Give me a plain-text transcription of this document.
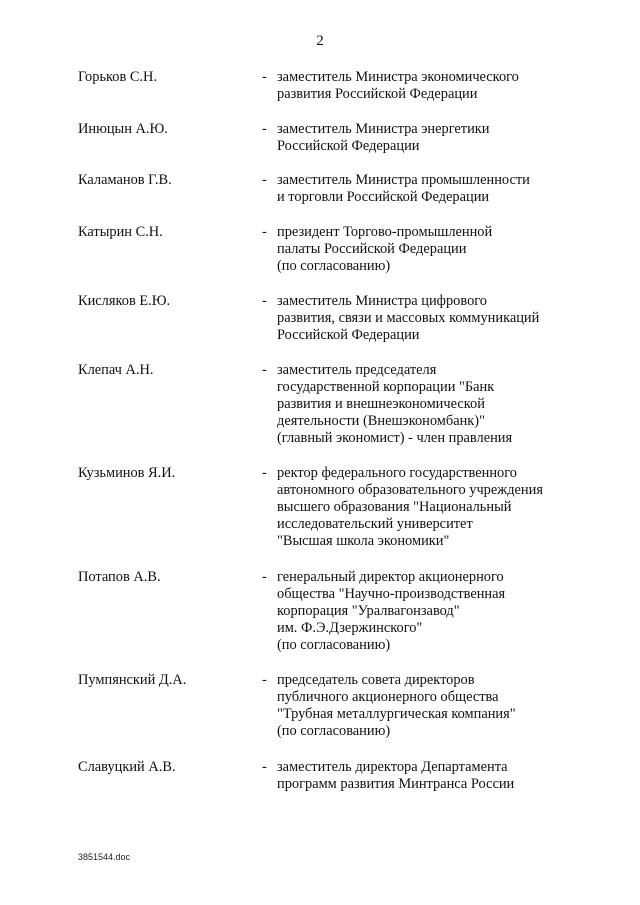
2
Горьков С.Н.	- заместитель Министра экономического
развития Российской Федерации
Инюцын А.Ю.	- заместитель Министра энергетики
Российской Федерации
Каламанов Г.В.	- заместитель Министра промышленности
и торговли Российской Федерации
Катырин С.Н.	- президент Торгово-промышленной
палаты Российской Федерации
(по согласованию)
Кисляков Е.Ю.	- заместитель Министра цифрового
развития, связи и массовых коммуникаций
Российской Федерации
Клепач А.Н.	- заместитель председателя
государственной корпорации "Банк
развития и внешнеэкономической
деятельности (Внешэкономбанк)"
(главный экономист) - член правления
Кузьминов Я.И.	- ректор федерального государственного
автономного образовательного учреждения
высшего образования "Национальный
исследовательский университет
"Высшая школа экономики"
Потапов А.В.	- генеральный директор акционерного
общества "Научно-производственная
корпорация "Уралвагонзавод"
им. Ф.Э.Дзержинского"
(по согласованию)
Пумпянский Д.А.	- председатель совета директоров
публичного акционерного общества
"Трубная металлургическая компания"
(по согласованию)
Славуцкий А.В.	- заместитель директора Департамента
программ развития Минтранса России
3851544.doc
